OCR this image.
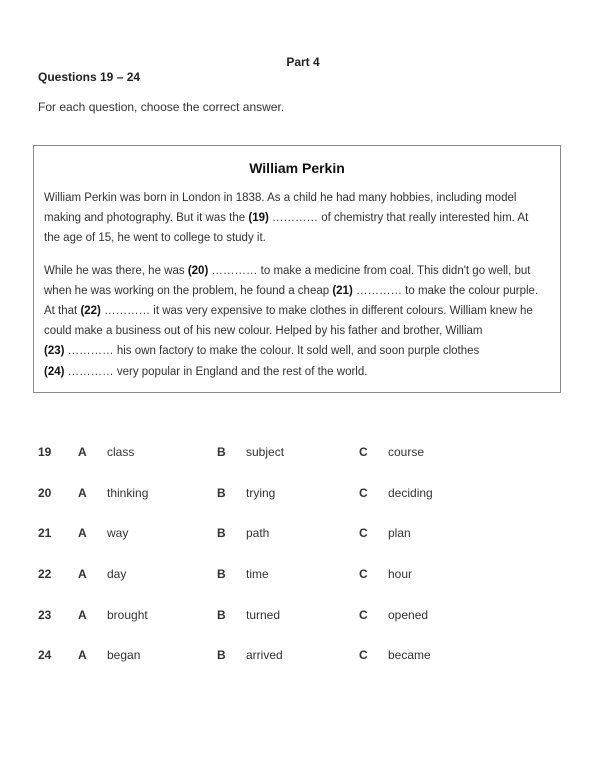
Part 4
Questions 19 – 24
For each question, choose the correct answer.
William Perkin

William Perkin was born in London in 1838. As a child he had many hobbies, including model
making and photography. But it was the (19) ………… of chemistry that really interested him. At
the age of 15, he went to college to study it.

While he was there, he was (20) ………… to make a medicine from coal. This didn't go well, but
when he was working on the problem, he found a cheap (21) ………… to make the colour purple.
At that (22) ………… it was very expensive to make clothes in different colours. William knew he
could make a business out of his new colour. Helped by his father and brother, William
(23) ………… his own factory to make the colour. It sold well, and soon purple clothes
(24) ………… very popular in England and the rest of the world.

19	A	class	B	subject	C	course
20	A	thinking	B	trying	C	deciding
21	A	way	B	path	C	plan
22	A	day	B	time	C	hour
23	A	brought	B	turned	C	opened
24	A	began	B	arrived	C	became
